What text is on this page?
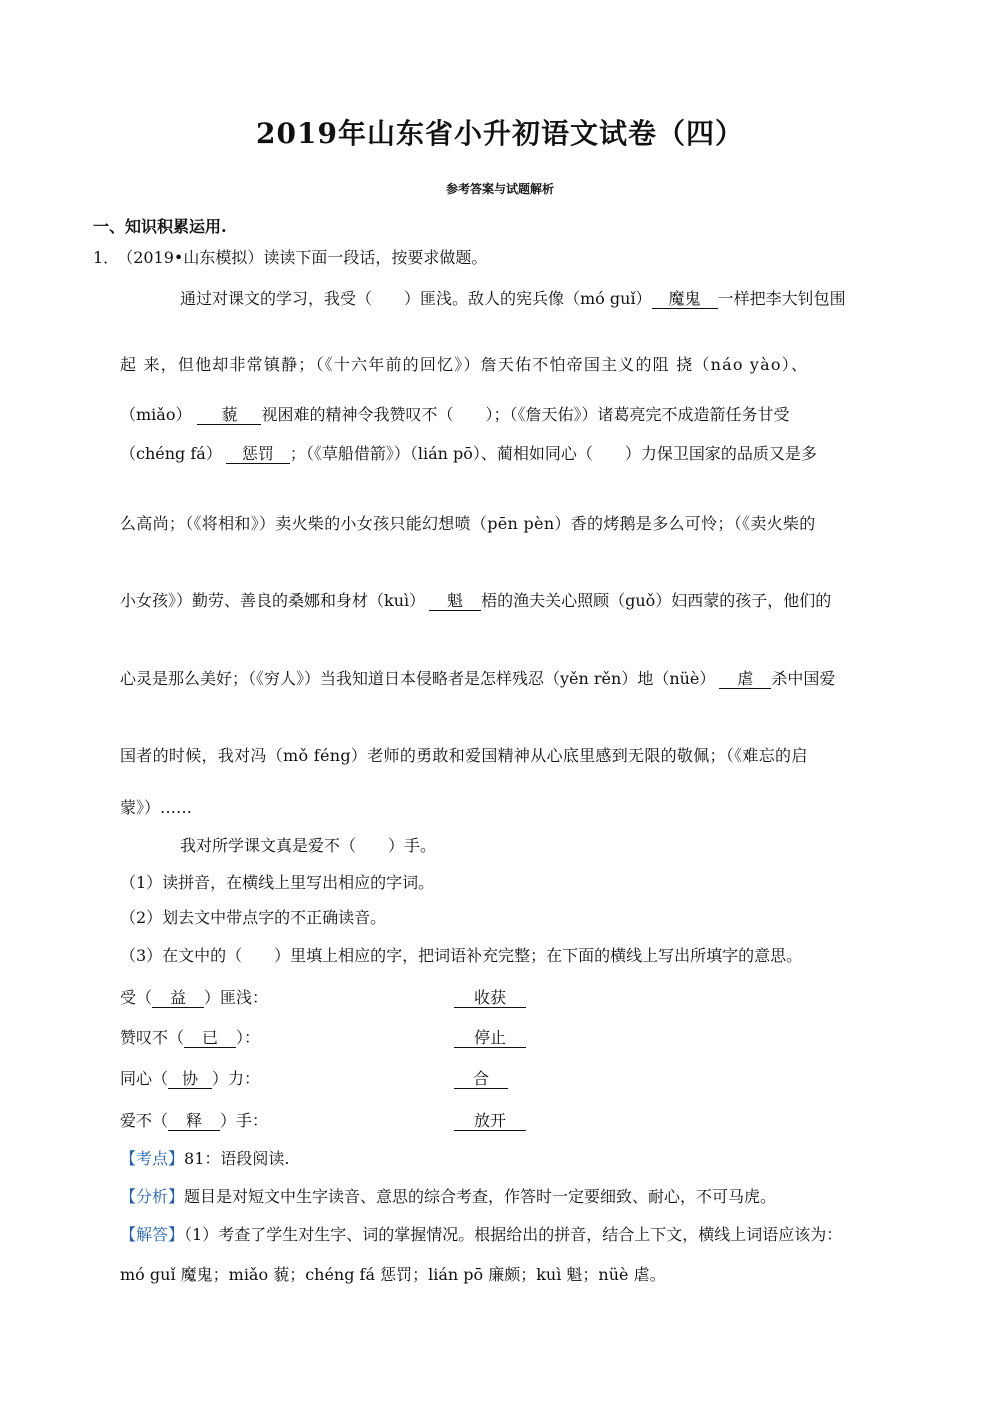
2019年山东省小升初语文试卷（四）
参考答案与试题解析
一、知识积累运用.
1． （2019•山东模拟）读读下面一段话，按要求做题。
通过对课文的学习，我受（　　）匪浅。敌人的宪兵像（mó guǐ） 魔鬼 一样把李大钊包围
起 来，但他却非常镇静；（《十六年前的回忆》）詹天佑不怕帝国主义的阻 挠（náo yào）、
（miǎo） 藐 视困难的精神令我赞叹不（　　）；（《詹天佑》）诸葛亮完不成造箭任务甘受
（chéng fá） 惩罚 ；（《草船借箭》）（lián pō）、蔺相如同心（　　）力保卫国家的品质又是多
么高尚；（《将相和》）卖火柴的小女孩只能幻想喷（pēn pèn）香的烤鹅是多么可怜；（《卖火柴的
小女孩》）勤劳、善良的桑娜和身材（kuì） 魁 梧的渔夫关心照顾（guǒ）妇西蒙的孩子，他们的
心灵是那么美好；（《穷人》）当我知道日本侵略者是怎样残忍（yěn rěn）地（nüè） 虐 杀中国爱
国者的时候，我对冯（mǒ féng）老师的勇敢和爱国精神从心底里感到无限的敬佩；（《难忘的启
蒙》）……
我对所学课文真是爱不（　　）手。
（1）读拼音，在横线上里写出相应的字词。
（2）划去文中带点字的不正确读音。
（3）在文中的（　　）里填上相应的字，把词语补充完整；在下面的横线上写出所填字的意思。
受（ 益 ）匪浅：	收获
赞叹不（ 已 ）：	停止
同心（ 协 ）力：	合
爱不（ 释 ）手：	放开
【考点】81：语段阅读.
【分析】题目是对短文中生字读音、意思的综合考查，作答时一定要细致、耐心，不可马虎。
【解答】（1）考查了学生对生字、词的掌握情况。根据给出的拼音，结合上下文，横线上词语应该为：
mó guǐ 魔鬼；miǎo 藐；chéng fá 惩罚；lián pō 廉颇；kuì 魁；nüè 虐。
